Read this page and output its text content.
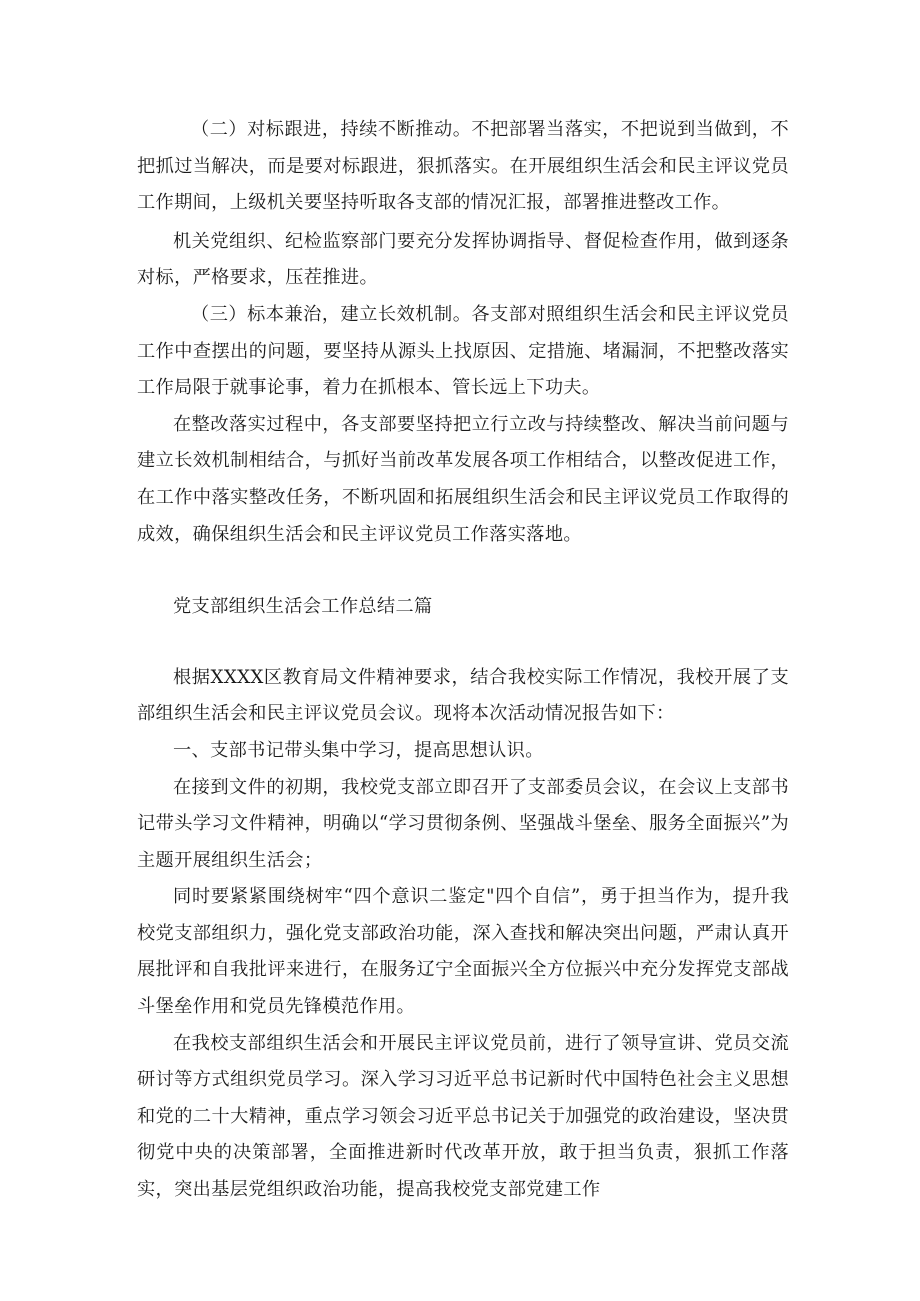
（二）对标跟进，持续不断推动。不把部署当落实，不把说到当做到，不把抓过当解决，而是要对标跟进，狠抓落实。在开展组织生活会和民主评议党员工作期间，上级机关要坚持听取各支部的情况汇报，部署推进整改工作。

机关党组织、纪检监察部门要充分发挥协调指导、督促检查作用，做到逐条对标，严格要求，压茬推进。

（三）标本兼治，建立长效机制。各支部对照组织生活会和民主评议党员工作中查摆出的问题，要坚持从源头上找原因、定措施、堵漏洞，不把整改落实工作局限于就事论事，着力在抓根本、管长远上下功夫。

在整改落实过程中，各支部要坚持把立行立改与持续整改、解决当前问题与建立长效机制相结合，与抓好当前改革发展各项工作相结合，以整改促进工作，在工作中落实整改任务，不断巩固和拓展组织生活会和民主评议党员工作取得的成效，确保组织生活会和民主评议党员工作落实落地。

党支部组织生活会工作总结二篇

根据XXXX区教育局文件精神要求，结合我校实际工作情况，我校开展了支部组织生活会和民主评议党员会议。现将本次活动情况报告如下：

一、支部书记带头集中学习，提高思想认识。

在接到文件的初期，我校党支部立即召开了支部委员会议，在会议上支部书记带头学习文件精神，明确以“学习贯彻条例、坚强战斗堡垒、服务全面振兴”为主题开展组织生活会；

同时要紧紧围绕树牢“四个意识二鉴定"四个自信”，勇于担当作为，提升我校党支部组织力，强化党支部政治功能，深入查找和解决突出问题，严肃认真开展批评和自我批评来进行，在服务辽宁全面振兴全方位振兴中充分发挥党支部战斗堡垒作用和党员先锋模范作用。

在我校支部组织生活会和开展民主评议党员前，进行了领导宣讲、党员交流研讨等方式组织党员学习。深入学习习近平总书记新时代中国特色社会主义思想和党的二十大精神，重点学习领会习近平总书记关于加强党的政治建设，坚决贯彻党中央的决策部署，全面推进新时代改革开放，敢于担当负责，狠抓工作落实，突出基层党组织政治功能，提高我校党支部党建工作
